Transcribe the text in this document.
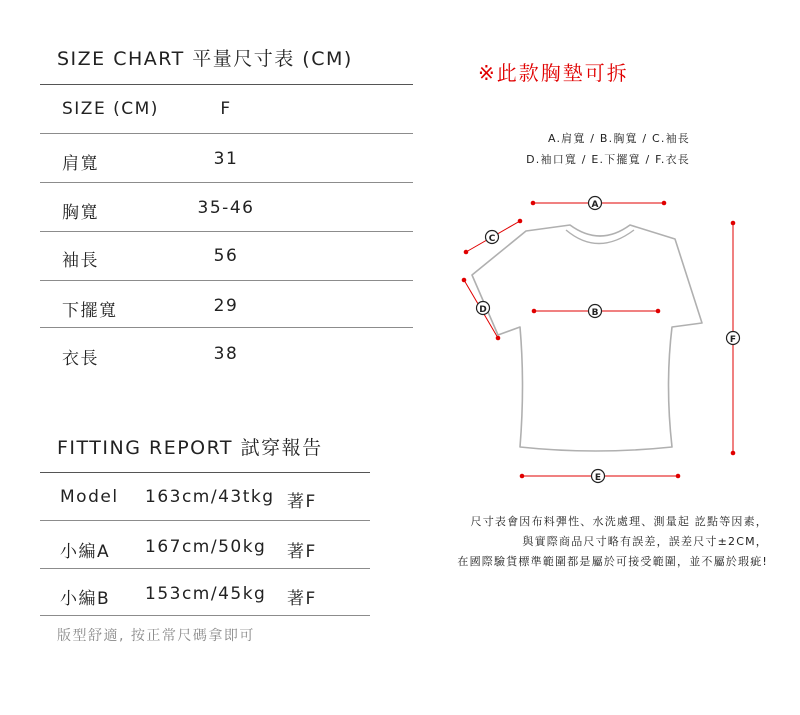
SIZE CHART 平量尺寸表 (CM)
SIZE (CM)	F
肩寬	31
胸寬	35-46
袖長	56
下擺寬	29
衣長	38
FITTING REPORT 試穿報告
Model 163cm/43tkg 著F
小編A 167cm/50kg 著F
小編B 153cm/45kg 著F
版型舒適, 按正常尺碼拿即可
※此款胸墊可拆
A.肩寬 / B.胸寬 / C.袖長
D.袖口寬 / E.下擺寬 / F.衣長
A
C
D	B
F
E
尺寸表會因布料彈性、水洗處理、測量起 訖點等因素，
與實際商品尺寸略有誤差，誤差尺寸±2CM，
在國際驗貨標準範圍都是屬於可接受範圍，並不屬於瑕疵!
